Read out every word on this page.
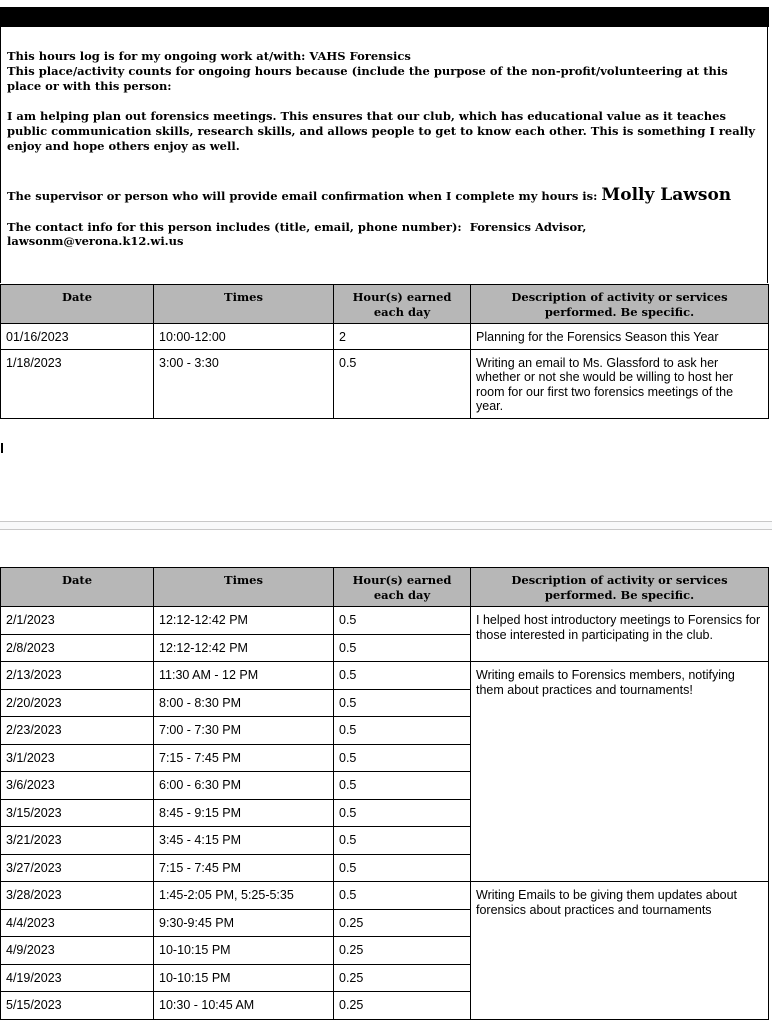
This hours log is for my ongoing work at/with: VAHS Forensics

This place/activity counts for ongoing hours because (include the purpose of the non-profit/volunteering at this place or with this person:

I am helping plan out forensics meetings. This ensures that our club, which has educational value as it teaches public communication skills, research skills, and allows people to get to know each other. This is something I really enjoy and hope others enjoy as well.

The supervisor or person who will provide email confirmation when I complete my hours is: Molly Lawson
The contact info for this person includes (title, email, phone number): Forensics Advisor, lawsonm@verona.k12.wi.us
Date	Times	Hour(s) earned each day	Description of activity or services performed. Be specific.
01/16/2023	10:00-12:00	2	Planning for the Forensics Season this Year
1/18/2023	3:00 - 3:30	0.5	Writing an email to Ms. Glassford to ask her whether or not she would be willing to host her room for our first two forensics meetings of the year.
Date	Times	Hour(s) earned each day	Description of activity or services performed. Be specific.
2/1/2023	12:12-12:42 PM	0.5	I helped host introductory meetings to Forensics for those interested in participating in the club.
2/8/2023	12:12-12:42 PM	0.5	
2/13/2023	11:30 AM - 12 PM	0.5	Writing emails to Forensics members, notifying them about practices and tournaments!
2/20/2023	8:00 - 8:30 PM	0.5	
2/23/2023	7:00 - 7:30 PM	0.5	
3/1/2023	7:15 - 7:45 PM	0.5	
3/6/2023	6:00 - 6:30 PM	0.5	
3/15/2023	8:45 - 9:15 PM	0.5	
3/21/2023	3:45 - 4:15 PM	0.5	
3/27/2023	7:15 - 7:45 PM	0.5	
3/28/2023	1:45-2:05 PM, 5:25-5:35	0.5	Writing Emails to be giving them updates about forensics about practices and tournaments
4/4/2023	9:30-9:45 PM	0.25	
4/9/2023	10-10:15 PM	0.25	
4/19/2023	10-10:15 PM	0.25	
5/15/2023	10:30 - 10:45 AM	0.25	
